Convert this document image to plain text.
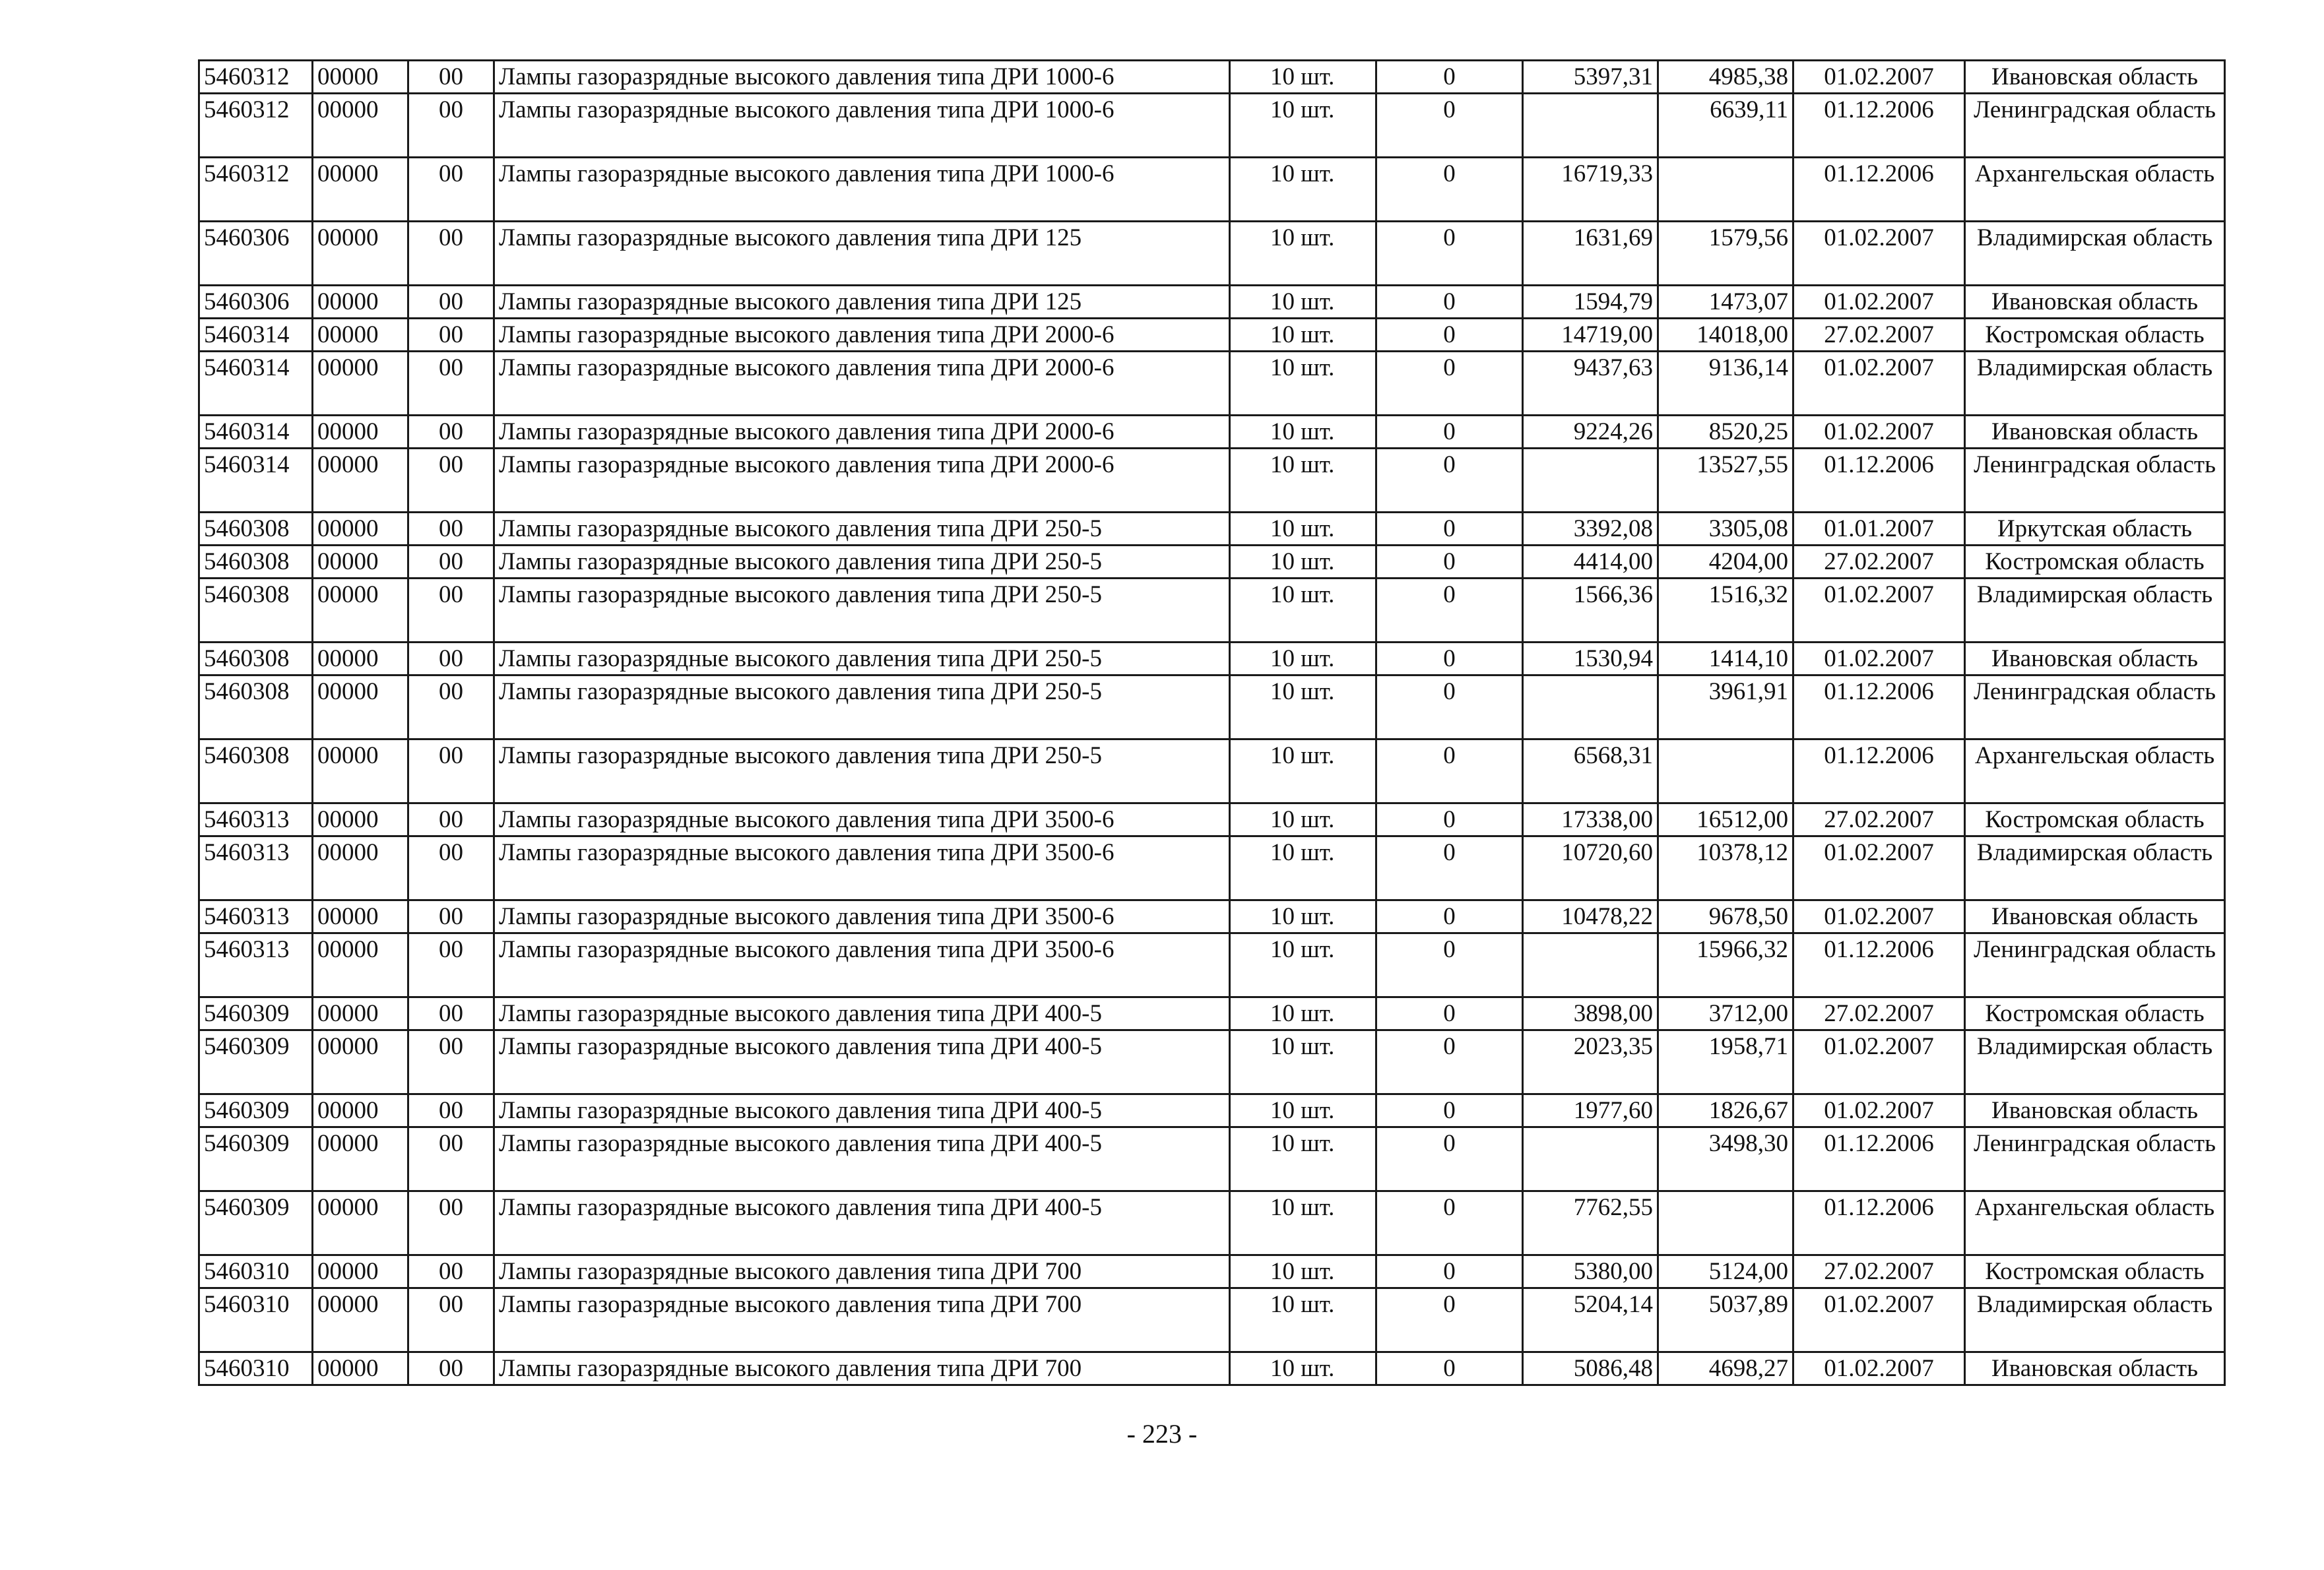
5460312	00000	00	Лампы газоразрядные высокого давления типа ДРИ 1000-6	10 шт.	0	5397,31	4985,38	01.02.2007	Ивановская область
5460312	00000	00	Лампы газоразрядные высокого давления типа ДРИ 1000-6	10 шт.	0		6639,11	01.12.2006	Ленинградская область
5460312	00000	00	Лампы газоразрядные высокого давления типа ДРИ 1000-6	10 шт.	0	16719,33		01.12.2006	Архангельская область
5460306	00000	00	Лампы газоразрядные высокого давления типа ДРИ 125	10 шт.	0	1631,69	1579,56	01.02.2007	Владимирская область
5460306	00000	00	Лампы газоразрядные высокого давления типа ДРИ 125	10 шт.	0	1594,79	1473,07	01.02.2007	Ивановская область
5460314	00000	00	Лампы газоразрядные высокого давления типа ДРИ 2000-6	10 шт.	0	14719,00	14018,00	27.02.2007	Костромская область
5460314	00000	00	Лампы газоразрядные высокого давления типа ДРИ 2000-6	10 шт.	0	9437,63	9136,14	01.02.2007	Владимирская область
5460314	00000	00	Лампы газоразрядные высокого давления типа ДРИ 2000-6	10 шт.	0	9224,26	8520,25	01.02.2007	Ивановская область
5460314	00000	00	Лампы газоразрядные высокого давления типа ДРИ 2000-6	10 шт.	0		13527,55	01.12.2006	Ленинградская область
5460308	00000	00	Лампы газоразрядные высокого давления типа ДРИ 250-5	10 шт.	0	3392,08	3305,08	01.01.2007	Иркутская область
5460308	00000	00	Лампы газоразрядные высокого давления типа ДРИ 250-5	10 шт.	0	4414,00	4204,00	27.02.2007	Костромская область
5460308	00000	00	Лампы газоразрядные высокого давления типа ДРИ 250-5	10 шт.	0	1566,36	1516,32	01.02.2007	Владимирская область
5460308	00000	00	Лампы газоразрядные высокого давления типа ДРИ 250-5	10 шт.	0	1530,94	1414,10	01.02.2007	Ивановская область
5460308	00000	00	Лампы газоразрядные высокого давления типа ДРИ 250-5	10 шт.	0		3961,91	01.12.2006	Ленинградская область
5460308	00000	00	Лампы газоразрядные высокого давления типа ДРИ 250-5	10 шт.	0	6568,31		01.12.2006	Архангельская область
5460313	00000	00	Лампы газоразрядные высокого давления типа ДРИ 3500-6	10 шт.	0	17338,00	16512,00	27.02.2007	Костромская область
5460313	00000	00	Лампы газоразрядные высокого давления типа ДРИ 3500-6	10 шт.	0	10720,60	10378,12	01.02.2007	Владимирская область
5460313	00000	00	Лампы газоразрядные высокого давления типа ДРИ 3500-6	10 шт.	0	10478,22	9678,50	01.02.2007	Ивановская область
5460313	00000	00	Лампы газоразрядные высокого давления типа ДРИ 3500-6	10 шт.	0		15966,32	01.12.2006	Ленинградская область
5460309	00000	00	Лампы газоразрядные высокого давления типа ДРИ 400-5	10 шт.	0	3898,00	3712,00	27.02.2007	Костромская область
5460309	00000	00	Лампы газоразрядные высокого давления типа ДРИ 400-5	10 шт.	0	2023,35	1958,71	01.02.2007	Владимирская область
5460309	00000	00	Лампы газоразрядные высокого давления типа ДРИ 400-5	10 шт.	0	1977,60	1826,67	01.02.2007	Ивановская область
5460309	00000	00	Лампы газоразрядные высокого давления типа ДРИ 400-5	10 шт.	0		3498,30	01.12.2006	Ленинградская область
5460309	00000	00	Лампы газоразрядные высокого давления типа ДРИ 400-5	10 шт.	0	7762,55		01.12.2006	Архангельская область
5460310	00000	00	Лампы газоразрядные высокого давления типа ДРИ 700	10 шт.	0	5380,00	5124,00	27.02.2007	Костромская область
5460310	00000	00	Лампы газоразрядные высокого давления типа ДРИ 700	10 шт.	0	5204,14	5037,89	01.02.2007	Владимирская область
5460310	00000	00	Лампы газоразрядные высокого давления типа ДРИ 700	10 шт.	0	5086,48	4698,27	01.02.2007	Ивановская область
- 223 -
